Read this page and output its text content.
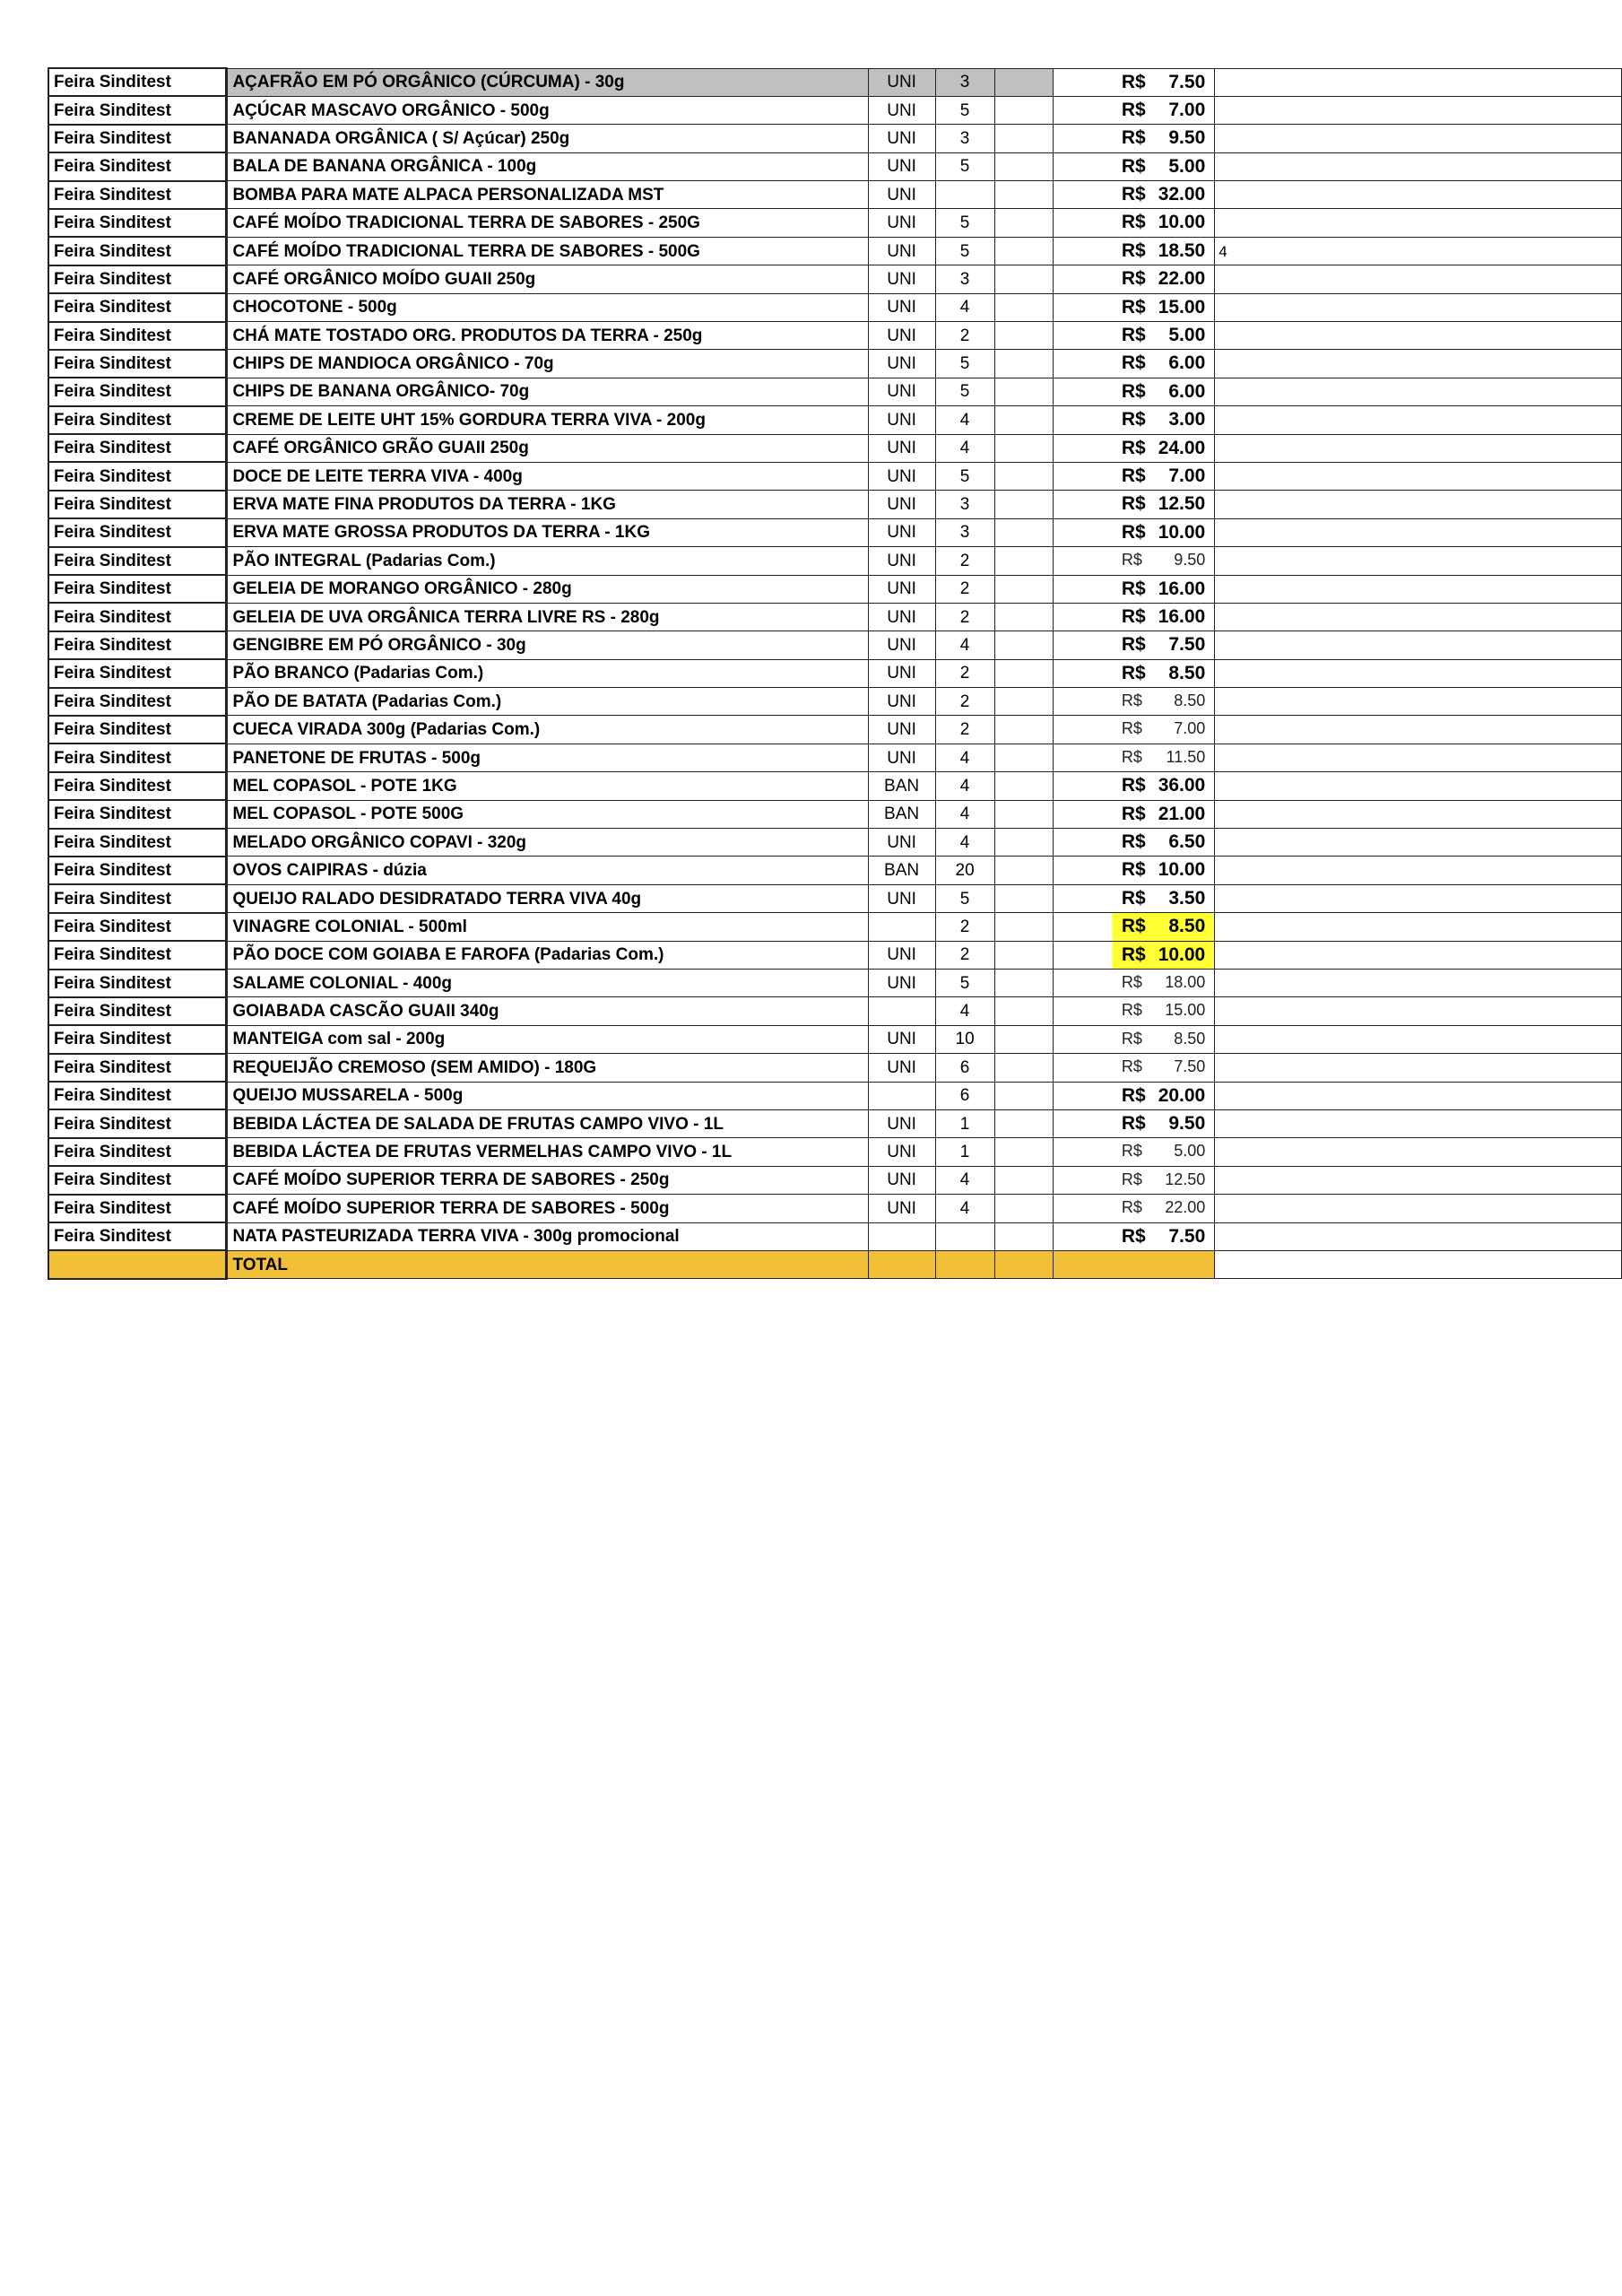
Feira Sinditest	AÇAFRÃO EM PÓ ORGÂNICO (CÚRCUMA) - 30g	UNI	3		R$ 7.50	

Feira Sinditest	AÇÚCAR MASCAVO ORGÂNICO - 500g	UNI	5		R$ 7.00	

Feira Sinditest	BANANADA ORGÂNICA ( S/ Açúcar) 250g	UNI	3		R$ 9.50	

Feira Sinditest	BALA DE BANANA ORGÂNICA - 100g	UNI	5		R$ 5.00	

Feira Sinditest	BOMBA PARA MATE ALPACA PERSONALIZADA MST	UNI			R$ 32.00	

Feira Sinditest	CAFÉ MOÍDO TRADICIONAL TERRA DE SABORES - 250G	UNI	5		R$ 10.00	

Feira Sinditest	CAFÉ MOÍDO TRADICIONAL TERRA DE SABORES - 500G	UNI	5		R$ 18.50	4
Feira Sinditest	CAFÉ ORGÂNICO MOÍDO GUAII 250g	UNI	3		R$ 22.00	

Feira Sinditest	CHOCOTONE - 500g	UNI	4		R$ 15.00	

Feira Sinditest	CHÁ MATE TOSTADO ORG. PRODUTOS DA TERRA - 250g	UNI	2		R$ 5.00	

Feira Sinditest	CHIPS DE MANDIOCA ORGÂNICO - 70g	UNI	5		R$ 6.00	

Feira Sinditest	CHIPS DE BANANA ORGÂNICO- 70g	UNI	5		R$ 6.00	

Feira Sinditest	CREME DE LEITE UHT 15% GORDURA TERRA VIVA - 200g	UNI	4		R$ 3.00	

Feira Sinditest	CAFÉ ORGÂNICO GRÃO GUAII 250g	UNI	4		R$ 24.00	

Feira Sinditest	DOCE DE LEITE TERRA VIVA - 400g	UNI	5		R$ 7.00	

Feira Sinditest	ERVA MATE FINA PRODUTOS DA TERRA - 1KG	UNI	3		R$ 12.50	

Feira Sinditest	ERVA MATE GROSSA PRODUTOS DA TERRA - 1KG	UNI	3		R$ 10.00	

Feira Sinditest	PÃO INTEGRAL (Padarias Com.)	UNI	2		R$ 9.50	

Feira Sinditest	GELEIA DE MORANGO ORGÂNICO - 280g	UNI	2		R$ 16.00	

Feira Sinditest	GELEIA DE UVA ORGÂNICA TERRA LIVRE RS - 280g	UNI	2		R$ 16.00	

Feira Sinditest	GENGIBRE EM PÓ ORGÂNICO - 30g	UNI	4		R$ 7.50	

Feira Sinditest	PÃO BRANCO (Padarias Com.)	UNI	2		R$ 8.50	

Feira Sinditest	PÃO DE BATATA (Padarias Com.)	UNI	2		R$ 8.50	

Feira Sinditest	CUECA VIRADA 300g (Padarias Com.)	UNI	2		R$ 7.00	

Feira Sinditest	PANETONE DE FRUTAS - 500g	UNI	4		R$ 11.50	

Feira Sinditest	MEL COPASOL - POTE 1KG	BAN	4		R$ 36.00	

Feira Sinditest	MEL COPASOL - POTE 500G	BAN	4		R$ 21.00	

Feira Sinditest	MELADO ORGÂNICO COPAVI - 320g	UNI	4		R$ 6.50	

Feira Sinditest	OVOS CAIPIRAS - dúzia	BAN	20		R$ 10.00	

Feira Sinditest	QUEIJO RALADO DESIDRATADO TERRA VIVA 40g	UNI	5		R$ 3.50	

Feira Sinditest	VINAGRE COLONIAL - 500ml		2		R$ 8.50	

Feira Sinditest	PÃO DOCE COM GOIABA E FAROFA (Padarias Com.)	UNI	2		R$ 10.00	

Feira Sinditest	SALAME COLONIAL - 400g	UNI	5		R$ 18.00	

Feira Sinditest	GOIABADA CASCÃO GUAII 340g		4		R$ 15.00	

Feira Sinditest	MANTEIGA com sal - 200g	UNI	10		R$ 8.50	

Feira Sinditest	REQUEIJÃO CREMOSO (SEM AMIDO) - 180G	UNI	6		R$ 7.50	

Feira Sinditest	QUEIJO MUSSARELA - 500g		6		R$ 20.00	

Feira Sinditest	BEBIDA LÁCTEA DE SALADA DE FRUTAS CAMPO VIVO - 1L	UNI	1		R$ 9.50	

Feira Sinditest	BEBIDA LÁCTEA DE FRUTAS VERMELHAS CAMPO VIVO - 1L	UNI	1		R$ 5.00	

Feira Sinditest	CAFÉ MOÍDO SUPERIOR TERRA DE SABORES - 250g	UNI	4		R$ 12.50	

Feira Sinditest	CAFÉ MOÍDO SUPERIOR TERRA DE SABORES - 500g	UNI	4		R$ 22.00	

Feira Sinditest	NATA PASTEURIZADA TERRA VIVA - 300g promocional				R$ 7.50	

	TOTAL					
